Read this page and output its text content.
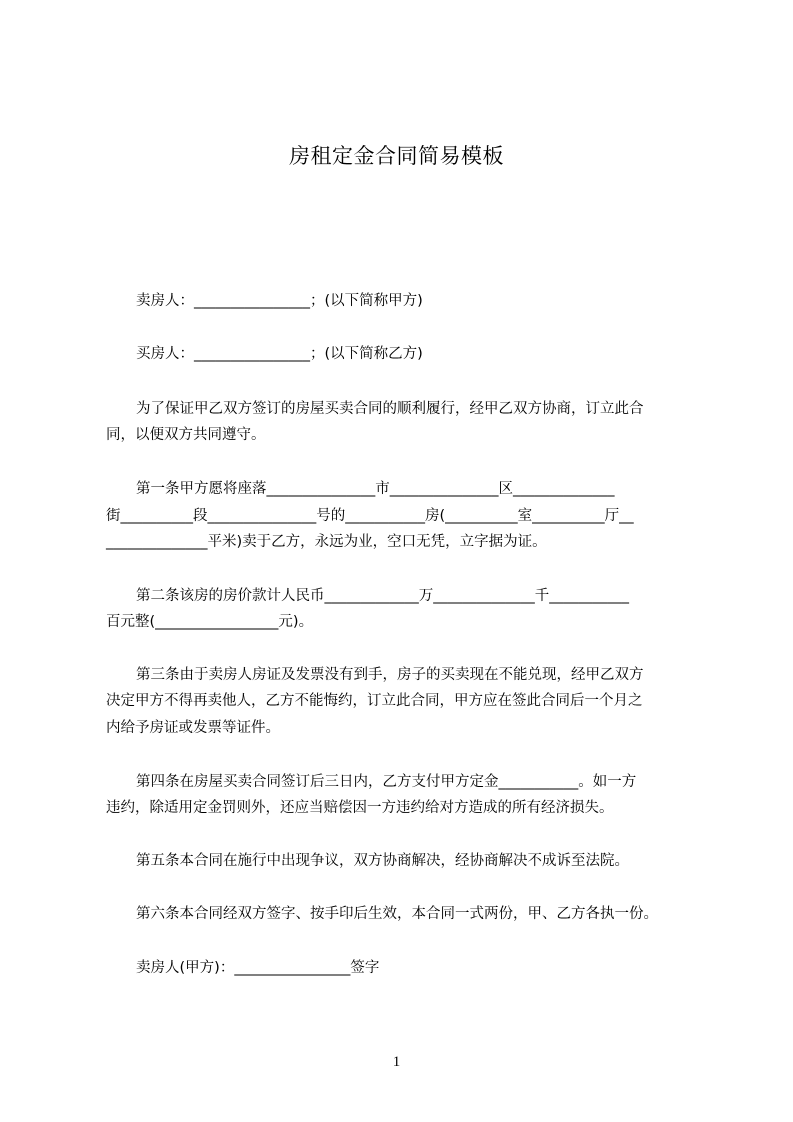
房租定金合同简易模板
卖房人：________________；(以下简称甲方)
买房人：________________；(以下简称乙方)
为了保证甲乙双方签订的房屋买卖合同的顺利履行，经甲乙双方协商，订立此合
同，以便双方共同遵守。
第一条甲方愿将座落_______________市_______________区______________
街__________段_______________号的___________房(__________室__________厅__
______________平米)卖于乙方，永远为业，空口无凭，立字据为证。
第二条该房的房价款计人民币_____________万______________千___________
百元整(_________________元)。
第三条由于卖房人房证及发票没有到手，房子的买卖现在不能兑现，经甲乙双方
决定甲方不得再卖他人，乙方不能悔约，订立此合同，甲方应在签此合同后一个月之
内给予房证或发票等证件。
第四条在房屋买卖合同签订后三日内，乙方支付甲方定金___________。如一方
违约，除适用定金罚则外，还应当赔偿因一方违约给对方造成的所有经济损失。
第五条本合同在施行中出现争议，双方协商解决，经协商解决不成诉至法院。
第六条本合同经双方签字、按手印后生效，本合同一式两份，甲、乙方各执一份。
卖房人(甲方)：________________签字
1
